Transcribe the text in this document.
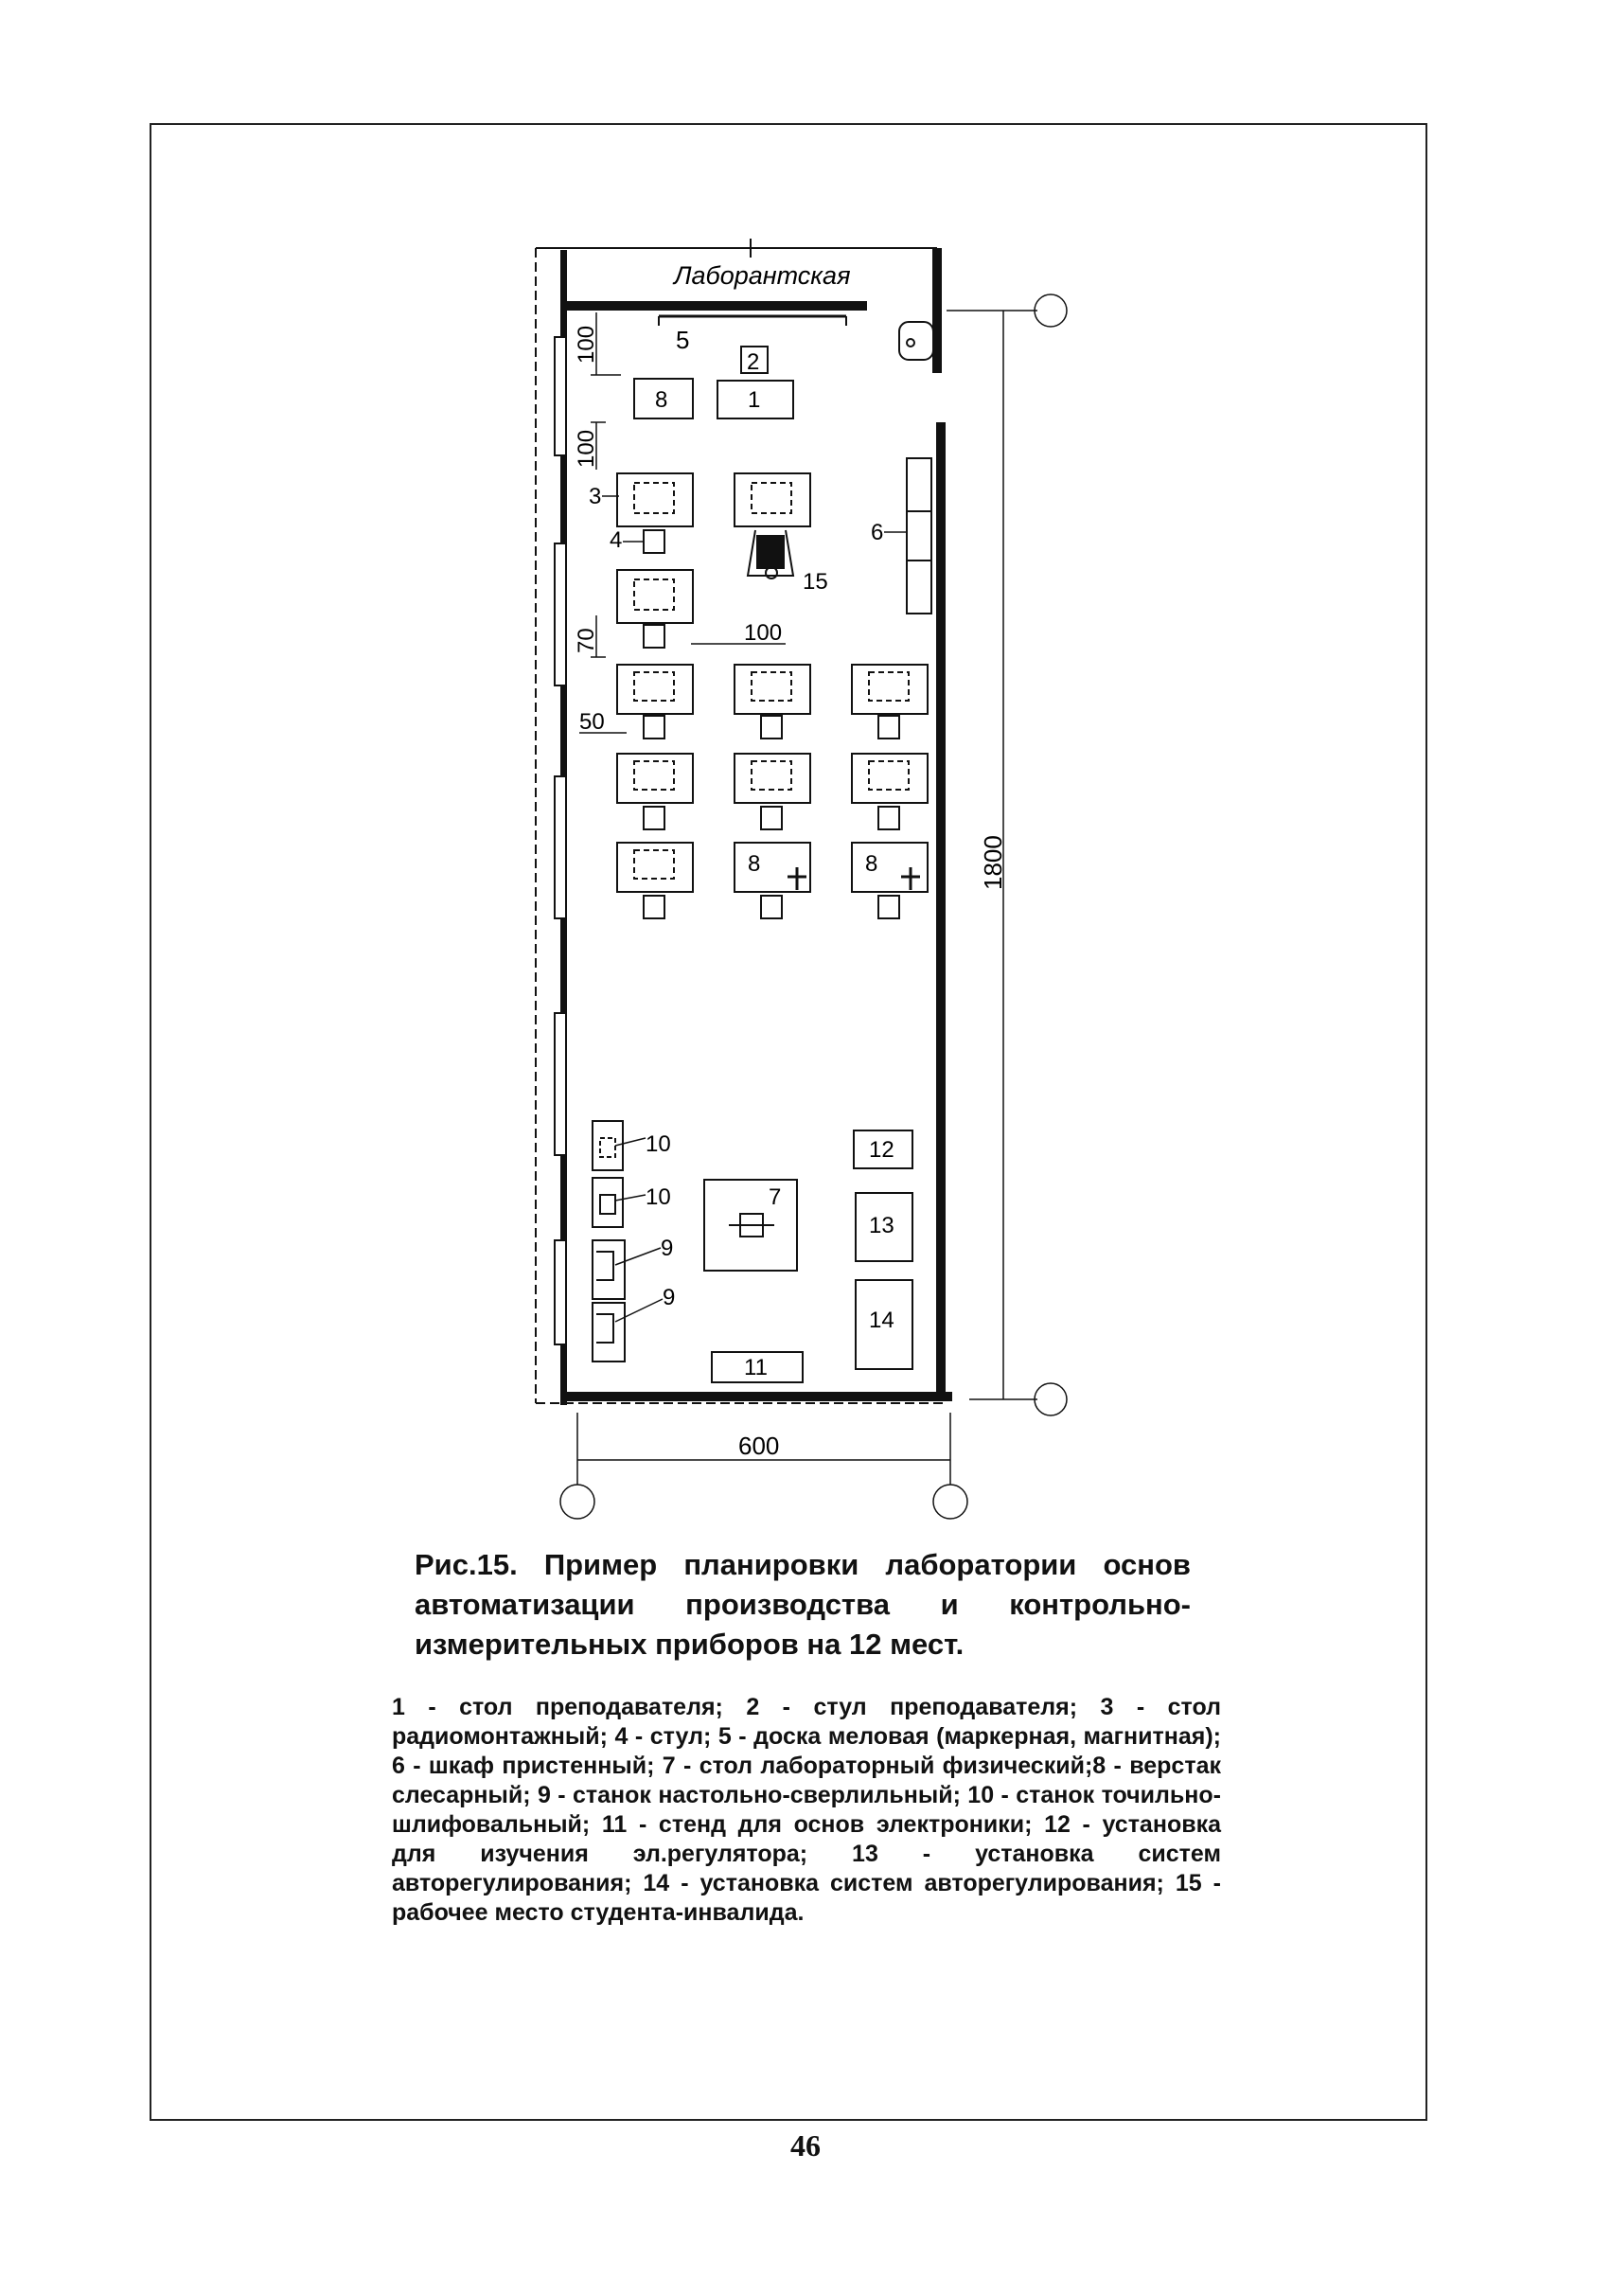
Лаборантская
5
2
1
8
100
100
70	100
50
3
4
15
6
8	8
10
10
9
9
7
12
13
14
11
1800
600

Рис.15. Пример планировки лаборатории основ автоматизации производства и контрольно-измерительных приборов на 12 мест.

1 - стол преподавателя; 2 - стул преподавателя; 3 - стол радиомонтажный; 4 - стул; 5 - доска меловая (маркерная, магнитная); 6 - шкаф пристенный; 7 - стол лабораторный физический;8 - верстак слесарный; 9 - станок настольно-сверлильный; 10 - станок точильно-шлифовальный; 11 - стенд для основ электроники; 12 - установка для изучения эл.регулятора; 13 - установка систем авторегулирования; 14 - установка систем авторегулирования; 15 - рабочее место студента-инвалида.

46
